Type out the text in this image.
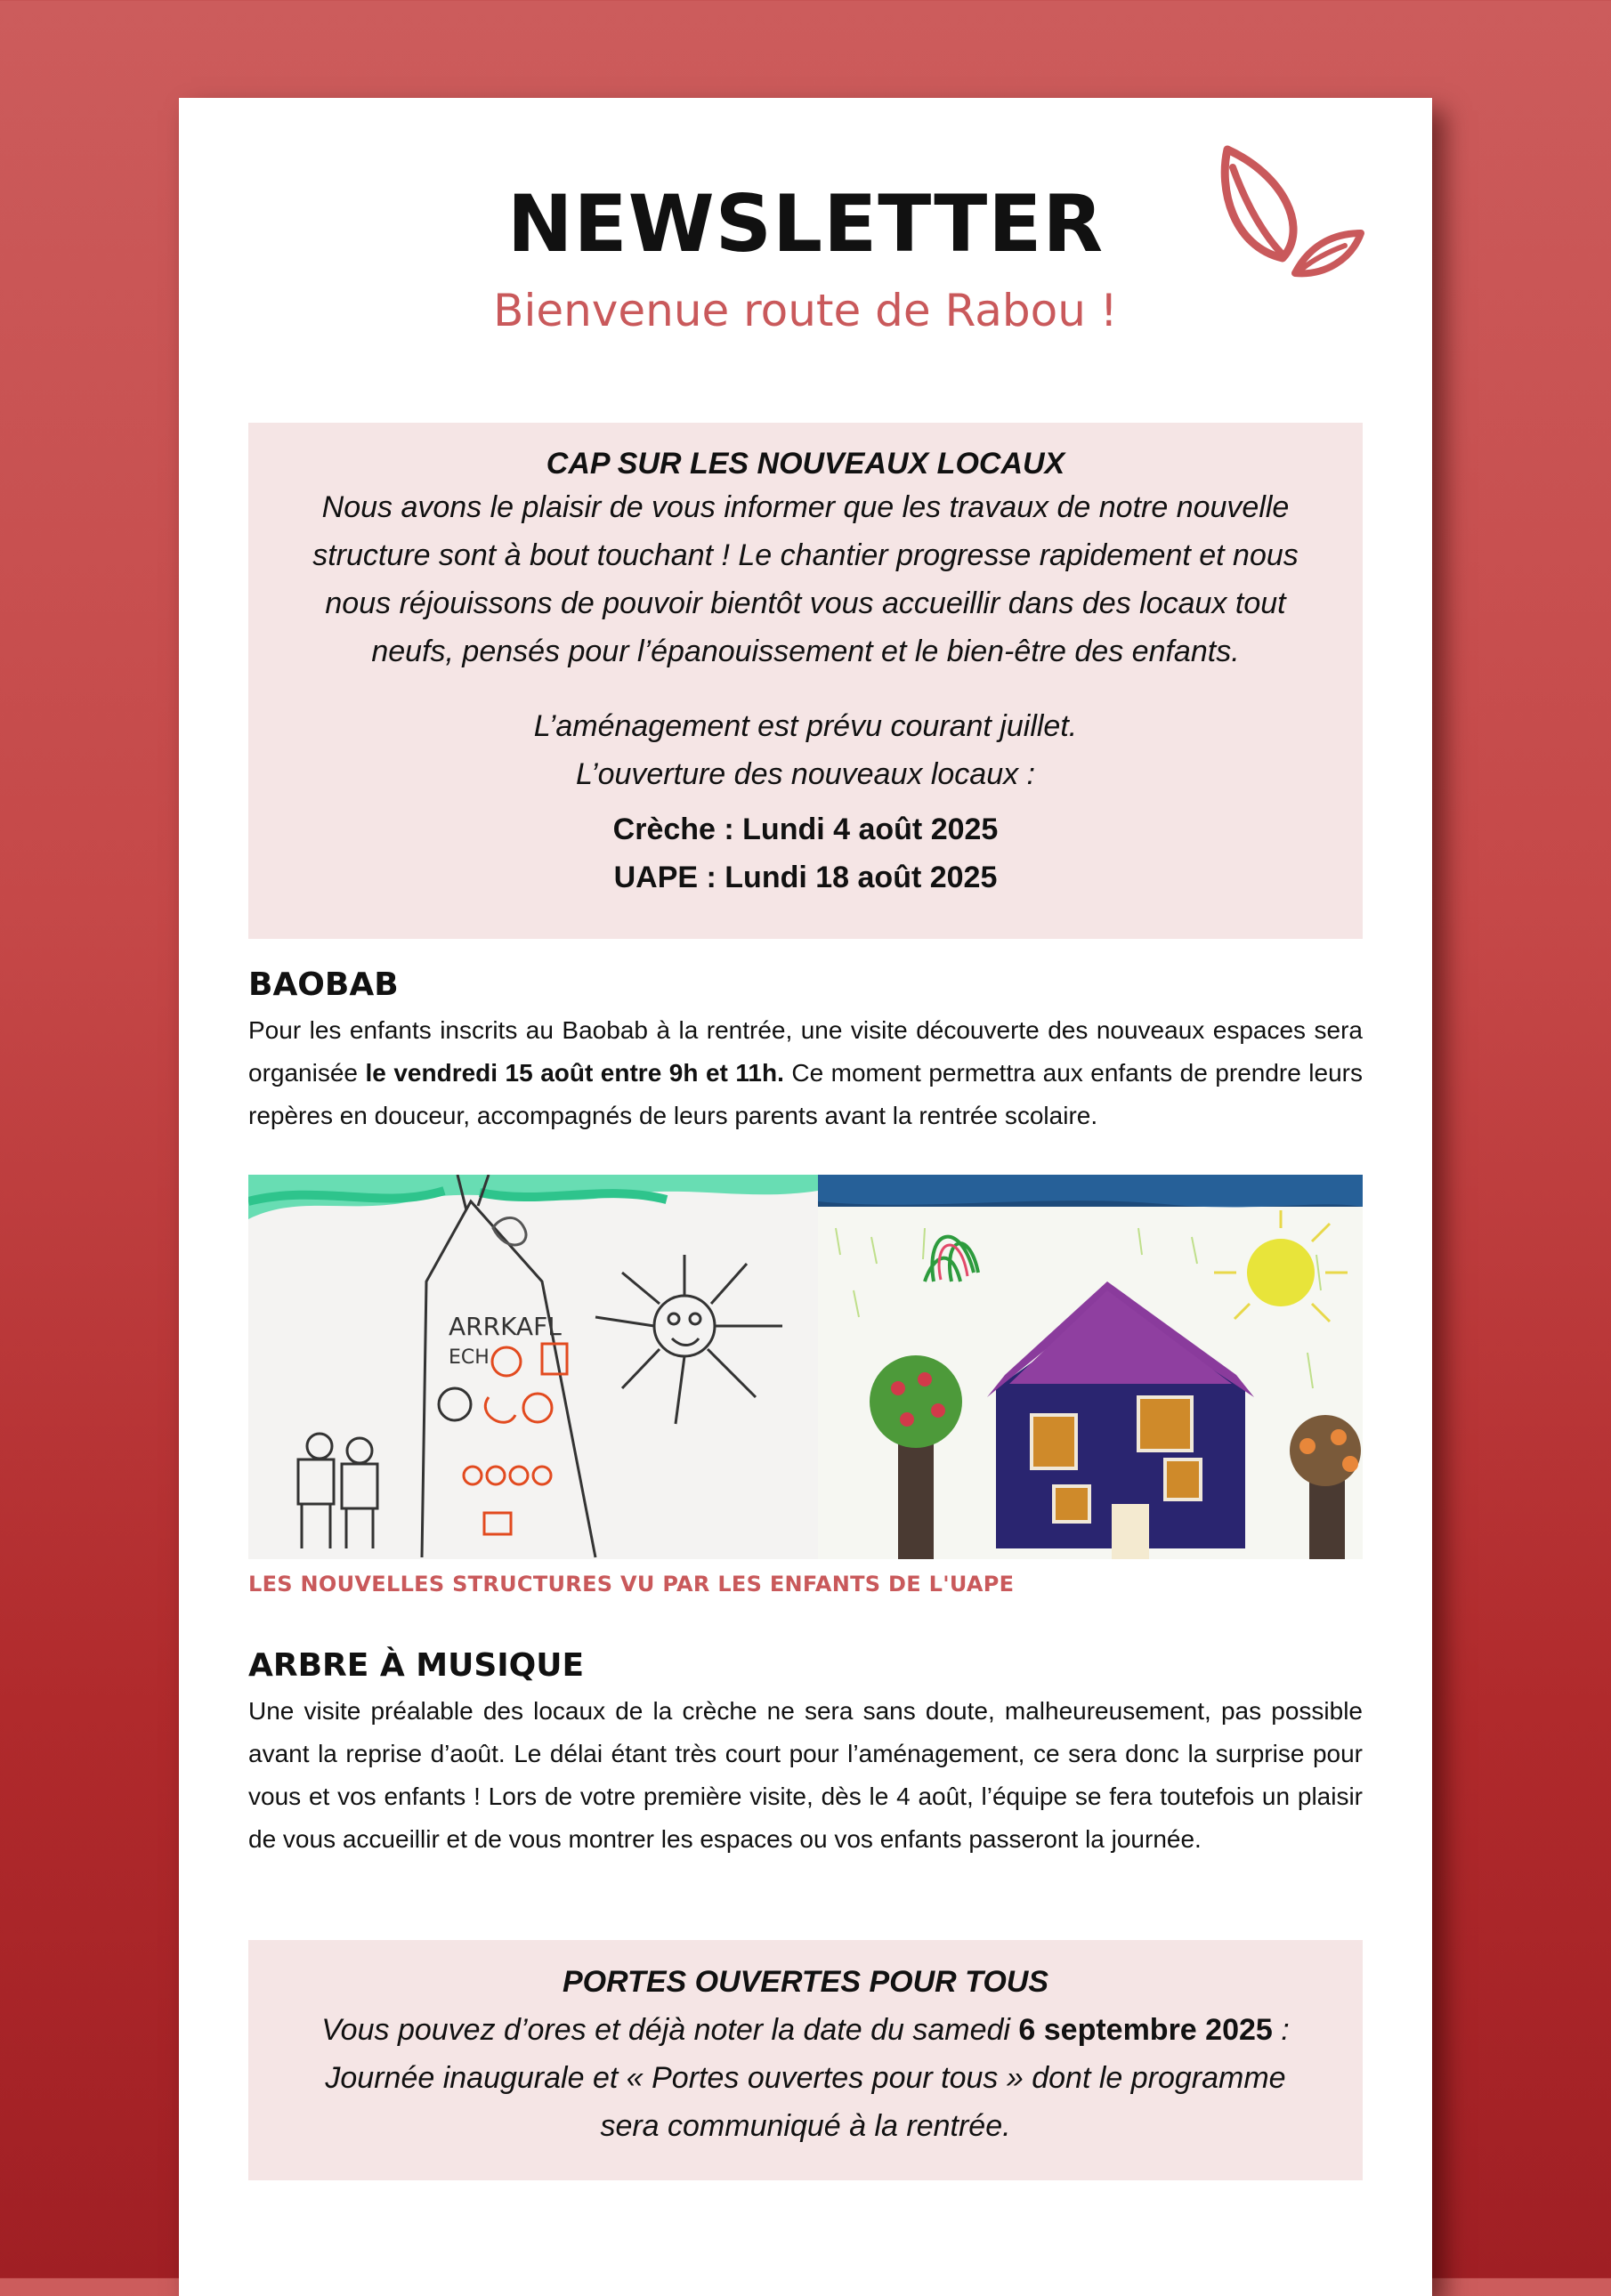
NEWSLETTER
Bienvenue route de Rabou !

CAP SUR LES NOUVEAUX LOCAUX

Nous avons le plaisir de vous informer que les travaux de notre nouvelle structure sont à bout touchant ! Le chantier progresse rapidement et nous nous réjouissons de pouvoir bientôt vous accueillir dans des locaux tout neufs, pensés pour l’épanouissement et le bien-être des enfants.

L’aménagement est prévu courant juillet.

L’ouverture des nouveaux locaux :

Crèche : Lundi 4 août 2025

UAPE : Lundi 18 août 2025

BAOBAB

Pour les enfants inscrits au Baobab à la rentrée, une visite découverte des nouveaux espaces sera organisée le vendredi 15 août entre 9h et 11h. Ce moment permettra aux enfants de prendre leurs repères en douceur, accompagnés de leurs parents avant la rentrée scolaire.

ARRKAFL
ECH
LES NOUVELLES STRUCTURES VU PAR LES ENFANTS DE L'UAPE

ARBRE À MUSIQUE

Une visite préalable des locaux de la crèche ne sera sans doute, malheureusement, pas possible avant la reprise d’août. Le délai étant très court pour l’aménagement, ce sera donc la surprise pour vous et vos enfants ! Lors de votre première visite, dès le 4 août, l’équipe se fera toutefois un plaisir de vous accueillir et de vous montrer les espaces ou vos enfants passeront la journée.

PORTES OUVERTES POUR TOUS

Vous pouvez d’ores et déjà noter la date du samedi 6 septembre 2025 :

Journée inaugurale et « Portes ouvertes pour tous » dont le programme sera communiqué à la rentrée.
